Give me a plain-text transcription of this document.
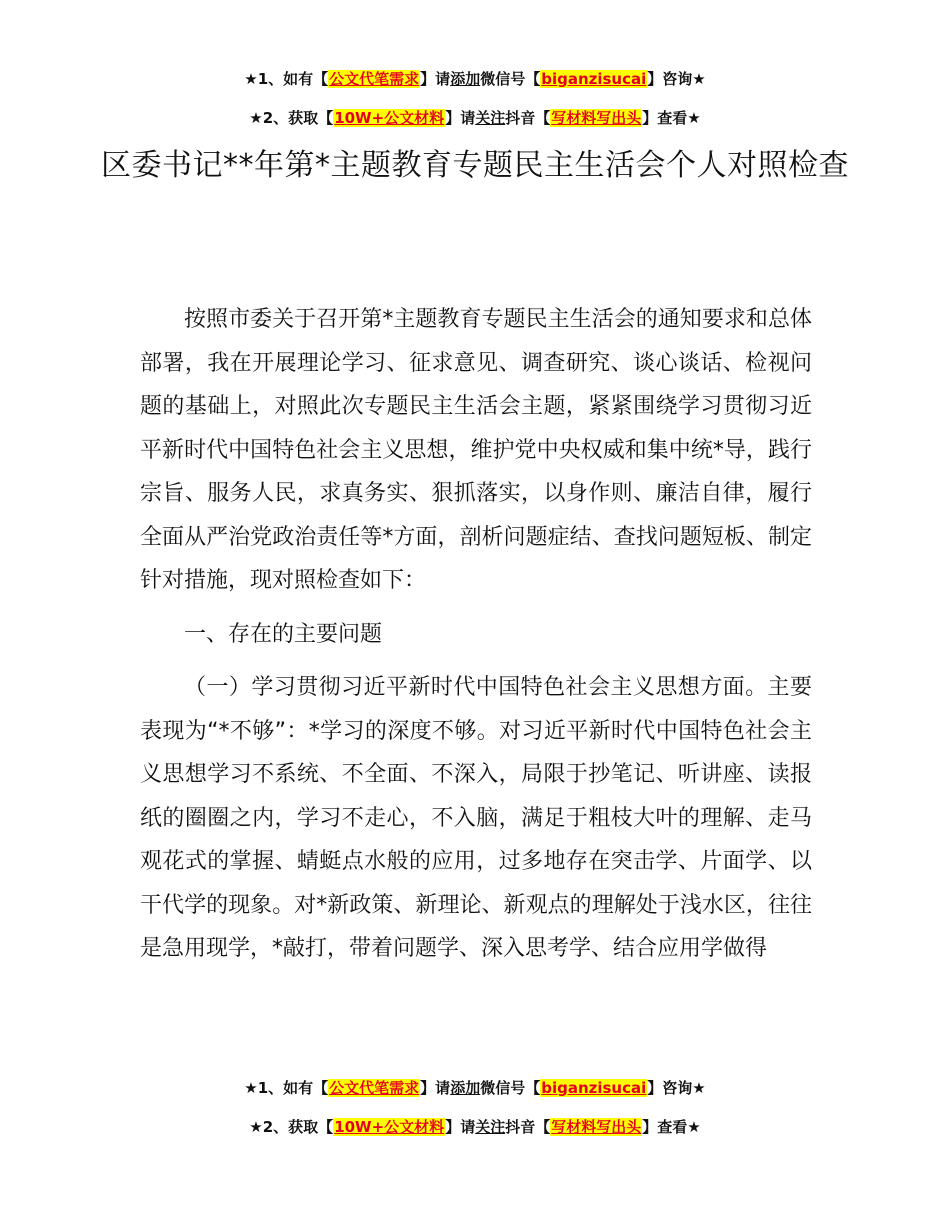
★1、如有【公文代笔需求】请添加微信号【biganzisucai】咨询★
★2、获取【10W+公文材料】请关注抖音【写材料写出头】查看★
区委书记**年第*主题教育专题民主生活会个人对照检查

按照市委关于召开第*主题教育专题民主生活会的通知要求和总体部署，我在开展理论学习、征求意见、调查研究、谈心谈话、检视问题的基础上，对照此次专题民主生活会主题，紧紧围绕学习贯彻习近平新时代中国特色社会主义思想，维护党中央权威和集中统*导，践行宗旨、服务人民，求真务实、狠抓落实，以身作则、廉洁自律，履行全面从严治党政治责任等*方面，剖析问题症结、查找问题短板、制定针对措施，现对照检查如下：

一、存在的主要问题

（一）学习贯彻习近平新时代中国特色社会主义思想方面。主要表现为“*不够”：*学习的深度不够。对习近平新时代中国特色社会主义思想学习不系统、不全面、不深入，局限于抄笔记、听讲座、读报纸的圈圈之内，学习不走心，不入脑，满足于粗枝大叶的理解、走马观花式的掌握、蜻蜓点水般的应用，过多地存在突击学、片面学、以干代学的现象。对*新政策、新理论、新观点的理解处于浅水区，往往是急用现学，*敲打，带着问题学、深入思考学、结合应用学做得

★1、如有【公文代笔需求】请添加微信号【biganzisucai】咨询★
★2、获取【10W+公文材料】请关注抖音【写材料写出头】查看★
